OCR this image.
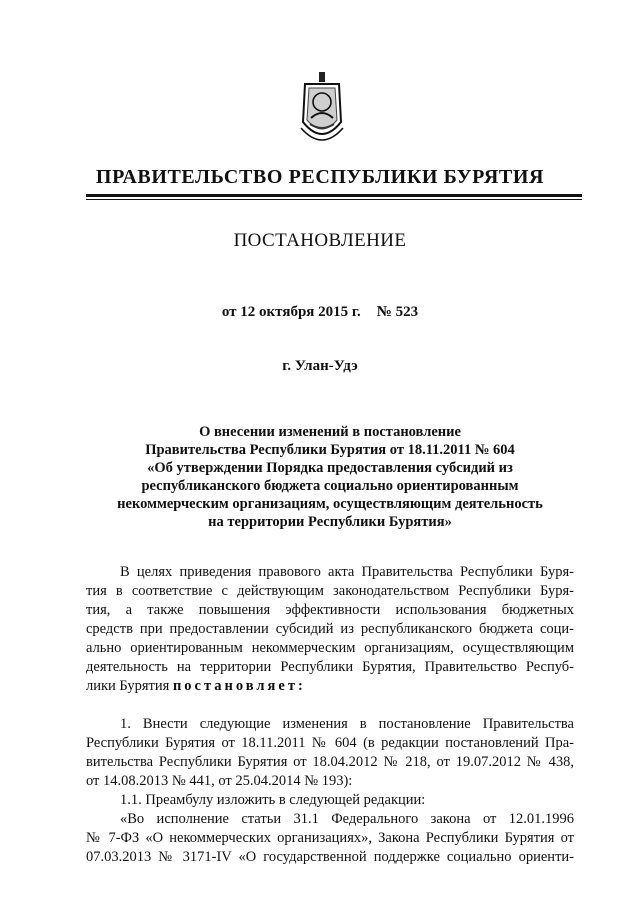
ПРАВИТЕЛЬСТВО РЕСПУБЛИКИ БУРЯТИЯ
ПОСТАНОВЛЕНИЕ
от 12 октября 2015 г. № 523
г. Улан-Удэ
О внесении изменений в постановление
Правительства Республики Бурятия от 18.11.2011 № 604
«Об утверждении Порядка предоставления субсидий из
республиканского бюджета социально ориентированным
некоммерческим организациям, осуществляющим деятельность
на территории Республики Бурятия»

В целях приведения правового акта Правительства Республики Буря-
тия в соответствие с действующим законодательством Республики Буря-
тия, а также повышения эффективности использования бюджетных
средств при предоставлении субсидий из республиканского бюджета соци-
ально ориентированным некоммерческим организациям, осуществляющим
деятельность на территории Республики Бурятия, Правительство Респуб-
лики Бурятия постановляет:

1. Внести следующие изменения в постановление Правительства
Республики Бурятия от 18.11.2011 № 604 (в редакции постановлений Пра-
вительства Республики Бурятия от 18.04.2012 № 218, от 19.07.2012 № 438,
от 14.08.2013 № 441, от 25.04.2014 № 193):

1.1. Преамбулу изложить в следующей редакции:

«Во исполнение статьи 31.1 Федерального закона от 12.01.1996
№ 7-ФЗ «О некоммерческих организациях», Закона Республики Бурятия от
07.03.2013 № 3171-IV «О государственной поддержке социально ориенти-
